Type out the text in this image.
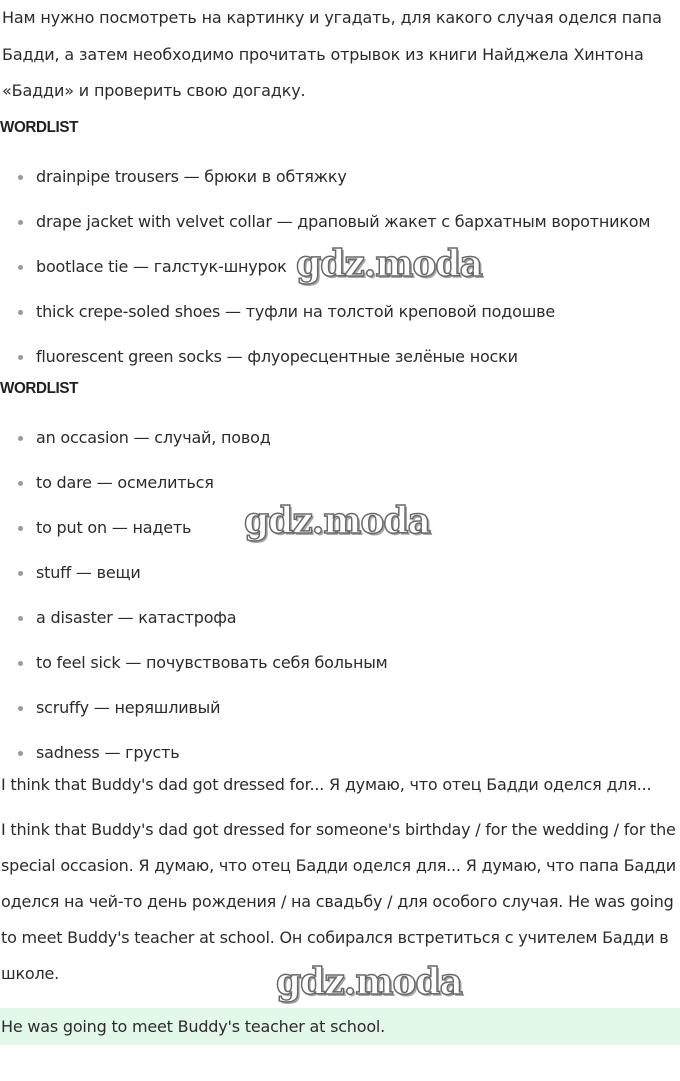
Нам нужно посмотреть на картинку и угадать, для какого случая оделся папа Бадди, а затем необходимо прочитать отрывок из книги Найджела Хинтона «Бадди» и проверить свою догадку.

WORDLIST
drainpipe trousers — брюки в обтяжку
drape jacket with velvet collar — драповый жакет с бархатным воротником
bootlace tie — галстук-шнурок
thick crepe-soled shoes — туфли на толстой креповой подошве
fluorescent green socks — флуоресцентные зелёные носки
WORDLIST
an occasion — случай, повод
to dare — осмелиться
to put on — надеть
stuff — вещи
a disaster — катастрофа
to feel sick — почувствовать себя больным
scruffy — неряшливый
sadness — грусть

I think that Buddy's dad got dressed for... Я думаю, что отец Бадди оделся для...

I think that Buddy's dad got dressed for someone's birthday / for the wedding / for the special occasion. Я думаю, что отец Бадди оделся для... Я думаю, что папа Бадди оделся на чей-то день рождения / на свадьбу / для особого случая. He was going to meet Buddy's teacher at school. Он собирался встретиться с учителем Бадди в школе.

He was going to meet Buddy's teacher at school.
gdz.moda
gdz.moda
gdz.moda
